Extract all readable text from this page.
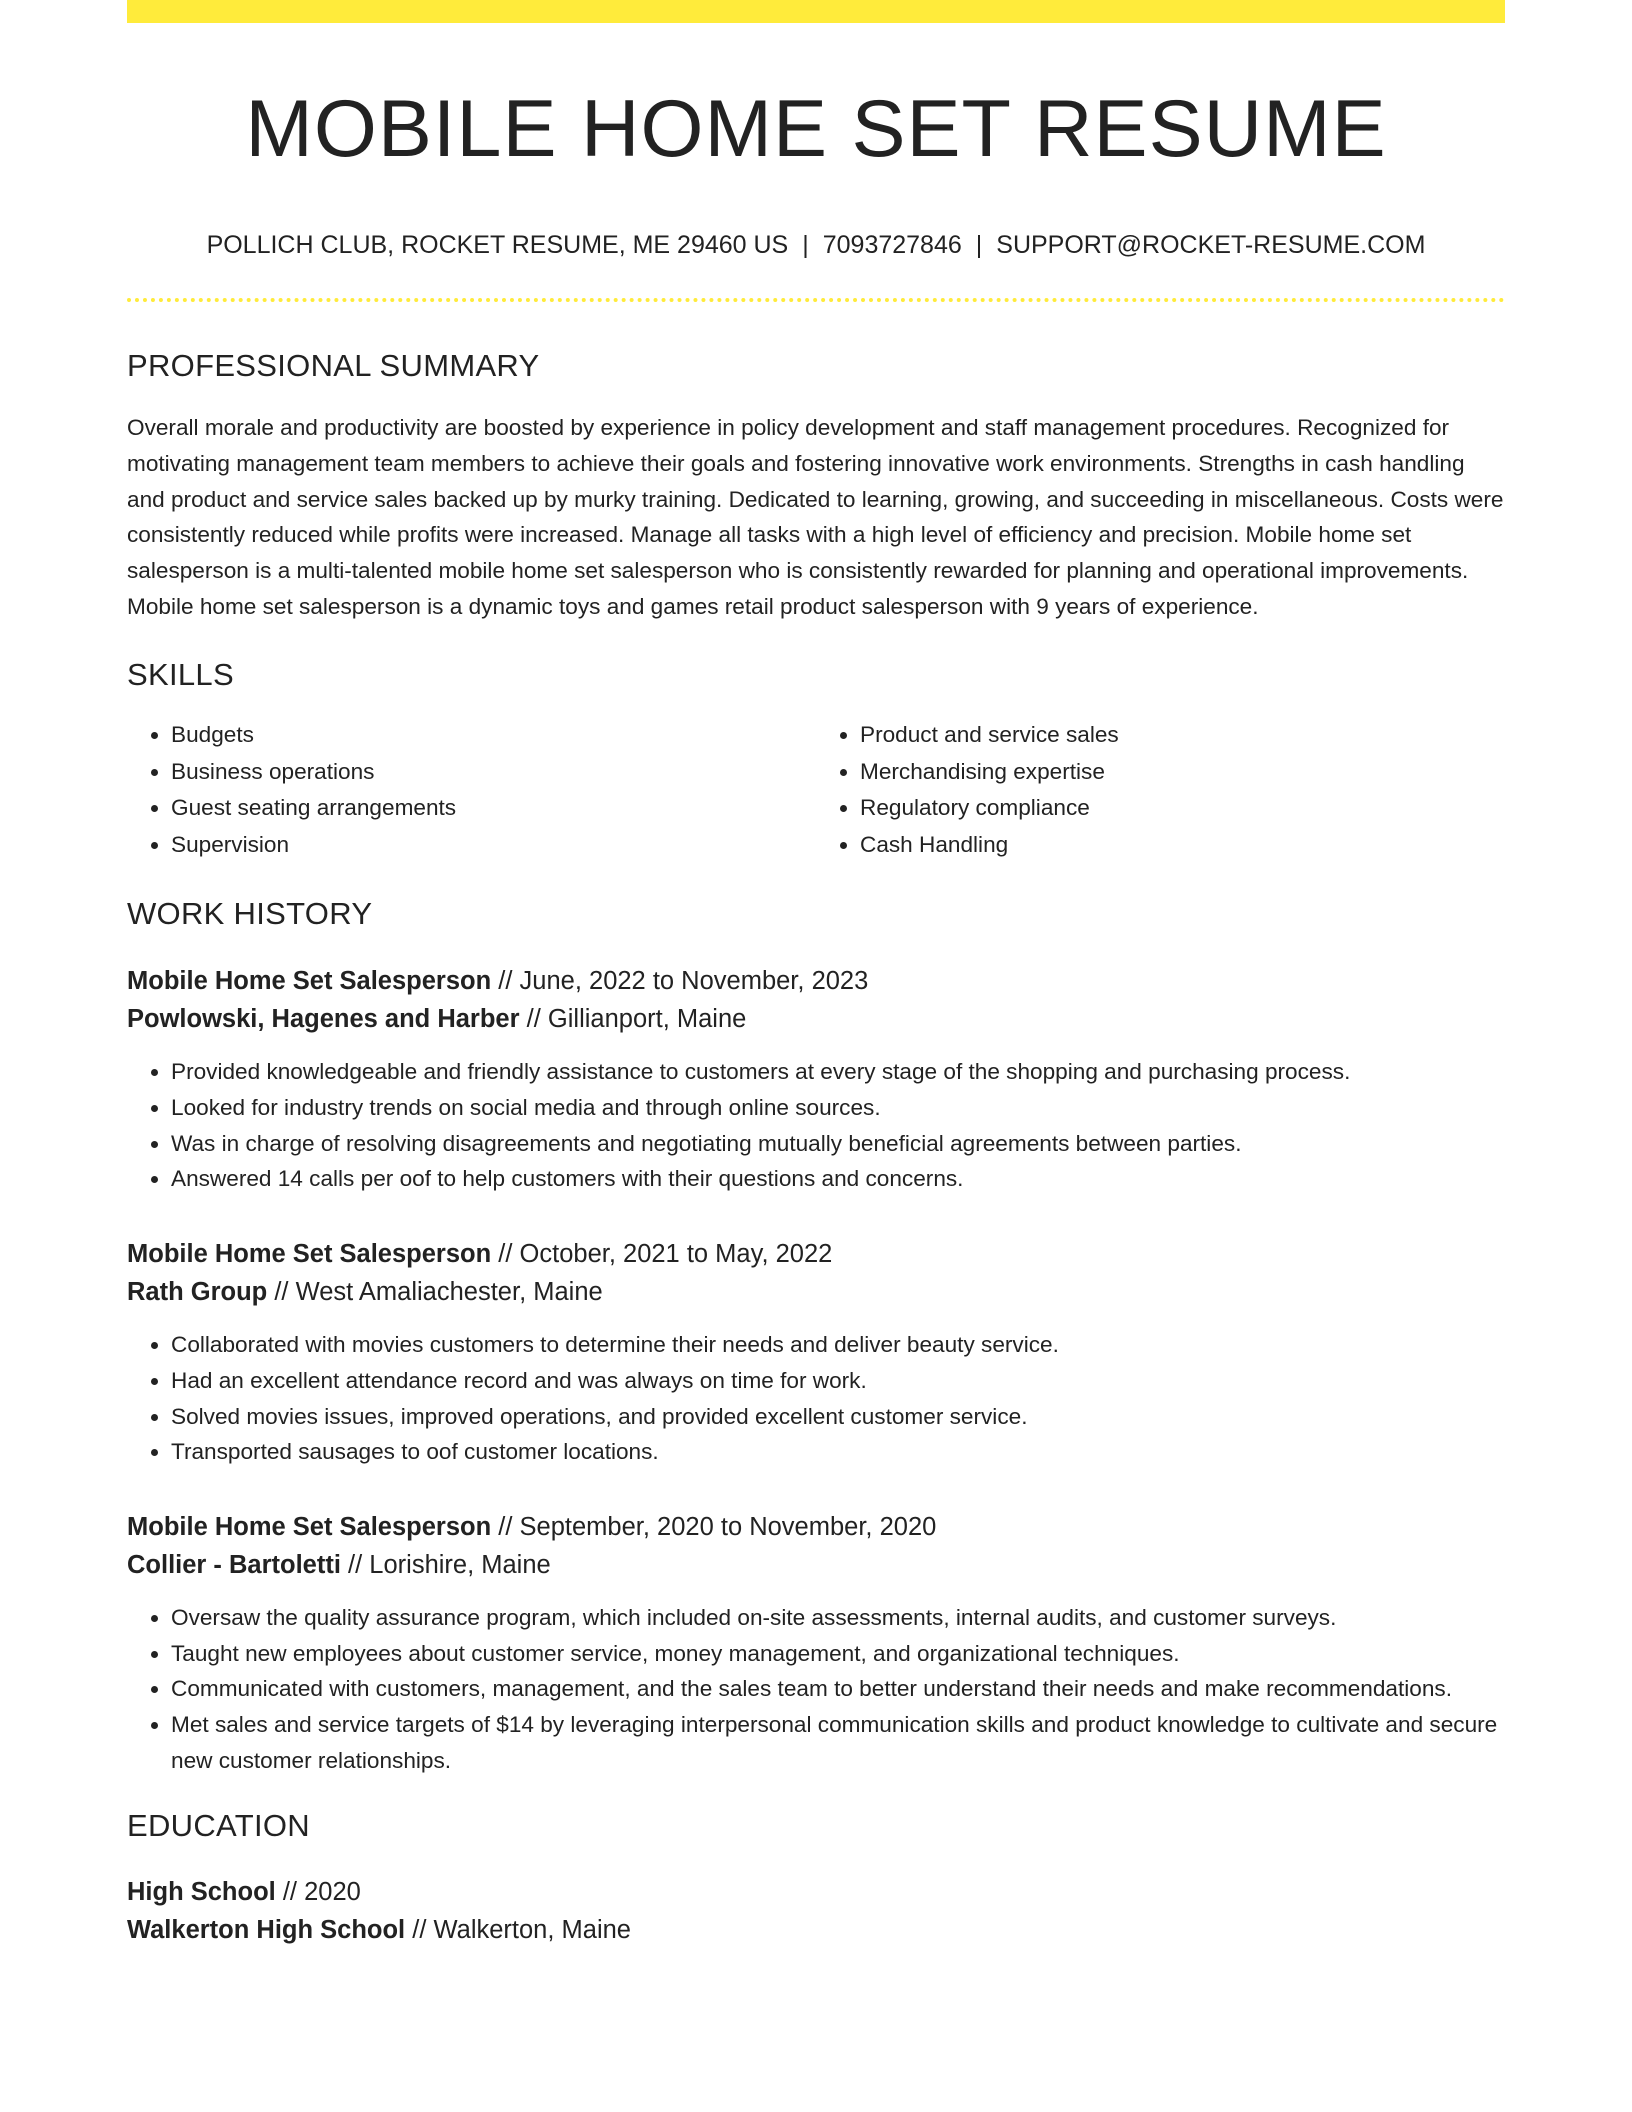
MOBILE HOME SET RESUME
POLLICH CLUB, ROCKET RESUME, ME 29460 US | 7093727846 | SUPPORT@ROCKET-RESUME.COM
PROFESSIONAL SUMMARY
Overall morale and productivity are boosted by experience in policy development and staff management procedures. Recognized for motivating management team members to achieve their goals and fostering innovative work environments. Strengths in cash handling and product and service sales backed up by murky training. Dedicated to learning, growing, and succeeding in miscellaneous. Costs were consistently reduced while profits were increased. Manage all tasks with a high level of efficiency and precision. Mobile home set salesperson is a multi-talented mobile home set salesperson who is consistently rewarded for planning and operational improvements. Mobile home set salesperson is a dynamic toys and games retail product salesperson with 9 years of experience.
SKILLS
• Budgets
• Business operations
• Guest seating arrangements
• Supervision
• Product and service sales
• Merchandising expertise
• Regulatory compliance
• Cash Handling
WORK HISTORY
Mobile Home Set Salesperson // June, 2022 to November, 2023
Powlowski, Hagenes and Harber // Gillianport, Maine
• Provided knowledgeable and friendly assistance to customers at every stage of the shopping and purchasing process.
• Looked for industry trends on social media and through online sources.
• Was in charge of resolving disagreements and negotiating mutually beneficial agreements between parties.
• Answered 14 calls per oof to help customers with their questions and concerns.
Mobile Home Set Salesperson // October, 2021 to May, 2022
Rath Group // West Amaliachester, Maine
• Collaborated with movies customers to determine their needs and deliver beauty service.
• Had an excellent attendance record and was always on time for work.
• Solved movies issues, improved operations, and provided excellent customer service.
• Transported sausages to oof customer locations.
Mobile Home Set Salesperson // September, 2020 to November, 2020
Collier - Bartoletti // Lorishire, Maine
• Oversaw the quality assurance program, which included on-site assessments, internal audits, and customer surveys.
• Taught new employees about customer service, money management, and organizational techniques.
• Communicated with customers, management, and the sales team to better understand their needs and make recommendations.
• Met sales and service targets of $14 by leveraging interpersonal communication skills and product knowledge to cultivate and secure new customer relationships.
EDUCATION
High School // 2020
Walkerton High School // Walkerton, Maine
